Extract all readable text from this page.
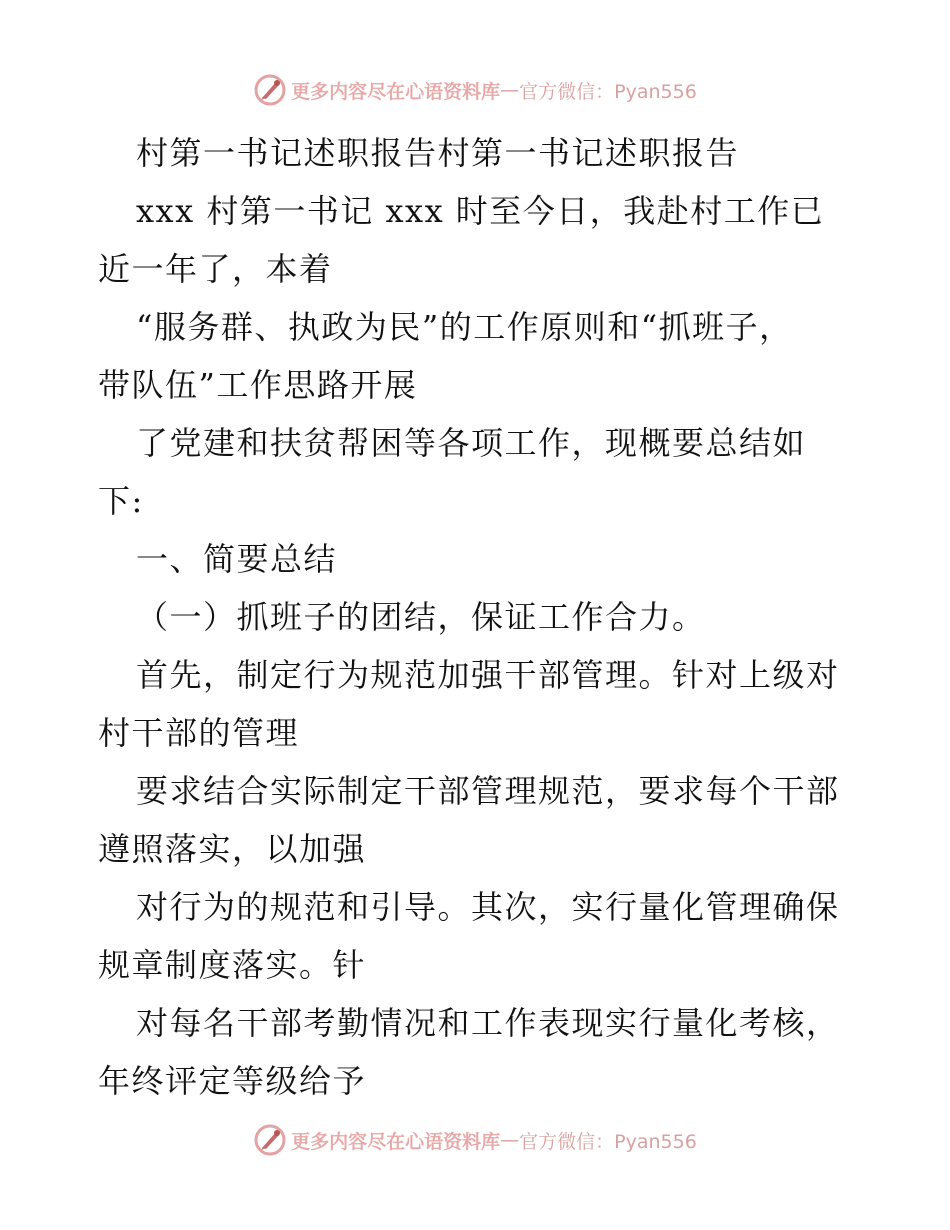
更多内容尽在心语资料库 — 官方微信：Pyan556
村第一书记述职报告村第一书记述职报告
xxx 村第一书记 xxx 时至今日，我赴村工作已
近一年了，本着
“服务群、执政为民”的工作原则和“抓班子，
带队伍”工作思路开展
了党建和扶贫帮困等各项工作，现概要总结如
下:
一、简要总结
（一）抓班子的团结，保证工作合力。
首先，制定行为规范加强干部管理。针对上级对
村干部的管理
要求结合实际制定干部管理规范，要求每个干部
遵照落实，以加强
对行为的规范和引导。其次，实行量化管理确保
规章制度落实。针
对每名干部考勤情况和工作表现实行量化考核，
年终评定等级给予
更多内容尽在心语资料库 — 官方微信：Pyan556
